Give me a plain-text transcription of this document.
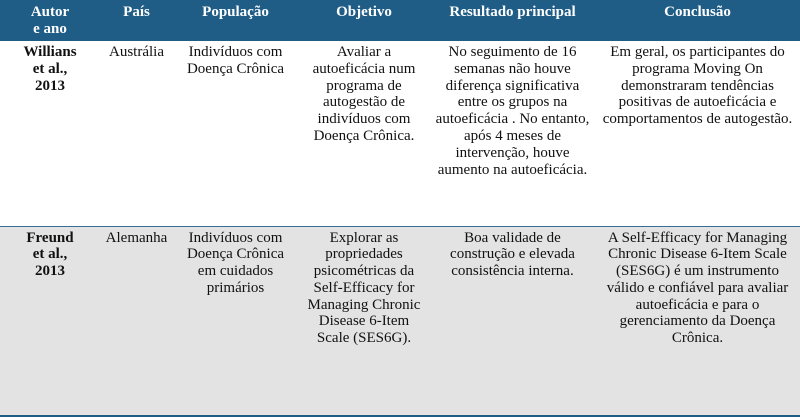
Autor
e ano	País	População	Objetivo	Resultado principal	Conclusão

Willians
et al.,
2013	Austrália	Indivíduos com Doença Crônica	Avaliar a autoeficácia num programa de autogestão de indivíduos com Doença Crônica.	No seguimento de 16 semanas não houve diferença significativa entre os grupos na autoeficácia . No entanto, após 4 meses de intervenção, houve aumento na autoeficácia.	Em geral, os participantes do programa Moving On demonstraram tendências positivas de autoeficácia e comportamentos de autogestão.

Freund
et al.,
2013	Alemanha	Indivíduos com Doença Crônica em cuidados primários	Explorar as propriedades psicométricas da Self-Efficacy for Managing Chronic Disease 6-Item Scale (SES6G).	Boa validade de construção e elevada consistência interna.	A Self-Efficacy for Managing Chronic Disease 6-Item Scale (SES6G) é um instrumento válido e confiável para avaliar autoeficácia e para o gerenciamento da Doença Crônica.
